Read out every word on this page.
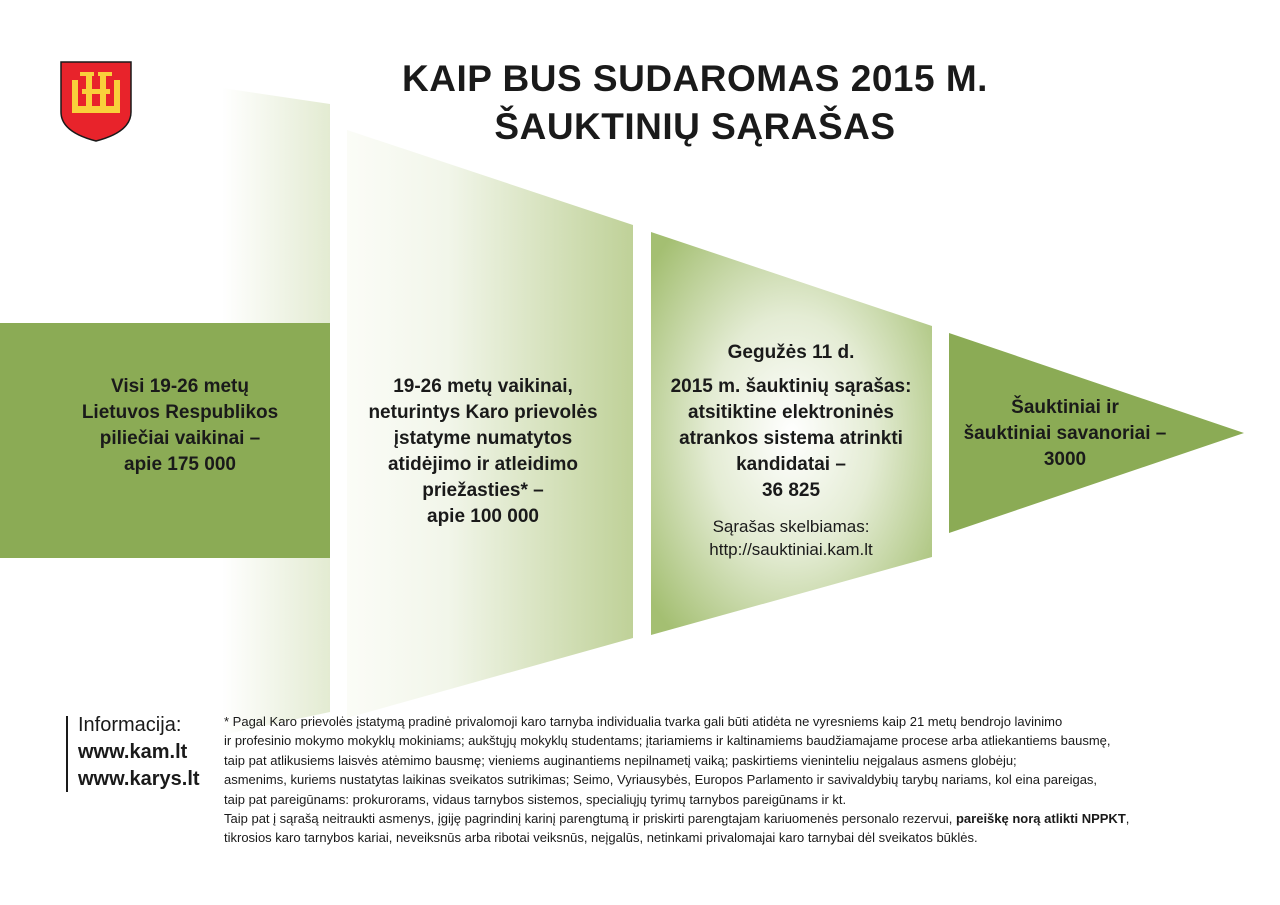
KAIP BUS SUDAROMAS 2015 M.
ŠAUKTINIŲ SĄRAŠAS
Visi 19-26 metų
Lietuvos Respublikos
piliečiai vaikinai –
apie 175 000
19-26 metų vaikinai,
neturintys Karo prievolės
įstatyme numatytos
atidėjimo ir atleidimo
priežasties* –
apie 100 000
Gegužės 11 d.
2015 m. šauktinių sąrašas:
atsitiktine elektroninės
atrankos sistema atrinkti
kandidatai –
36 825
Sąrašas skelbiamas:
http://sauktiniai.kam.lt
Šauktiniai ir
šauktiniai savanoriai –
3000
Informacija:
www.kam.lt
www.karys.lt

* Pagal Karo prievolės įstatymą pradinė privalomoji karo tarnyba individualia tvarka gali būti atidėta ne vyresniems kaip 21 metų bendrojo lavinimo

ir profesinio mokymo mokyklų mokiniams; aukštųjų mokyklų studentams; įtariamiems ir kaltinamiems baudžiamajame procese arba atliekantiems bausmę,

taip pat atlikusiems laisvės atėmimo bausmę; vieniems auginantiems nepilnametį vaiką; paskirtiems vieninteliu neįgalaus asmens globėju;

asmenims, kuriems nustatytas laikinas sveikatos sutrikimas; Seimo, Vyriausybės, Europos Parlamento ir savivaldybių tarybų nariams, kol eina pareigas,

taip pat pareigūnams: prokurorams, vidaus tarnybos sistemos, specialiųjų tyrimų tarnybos pareigūnams ir kt.

Taip pat į sąrašą neitraukti asmenys, įgiję pagrindinį karinį parengtumą ir priskirti parengtajam kariuomenės personalo rezervui, pareiškę norą atlikti NPPKT,

tikrosios karo tarnybos kariai, neveiksnūs arba ribotai veiksnūs, neįgalūs, netinkami privalomajai karo tarnybai dėl sveikatos būklės.
